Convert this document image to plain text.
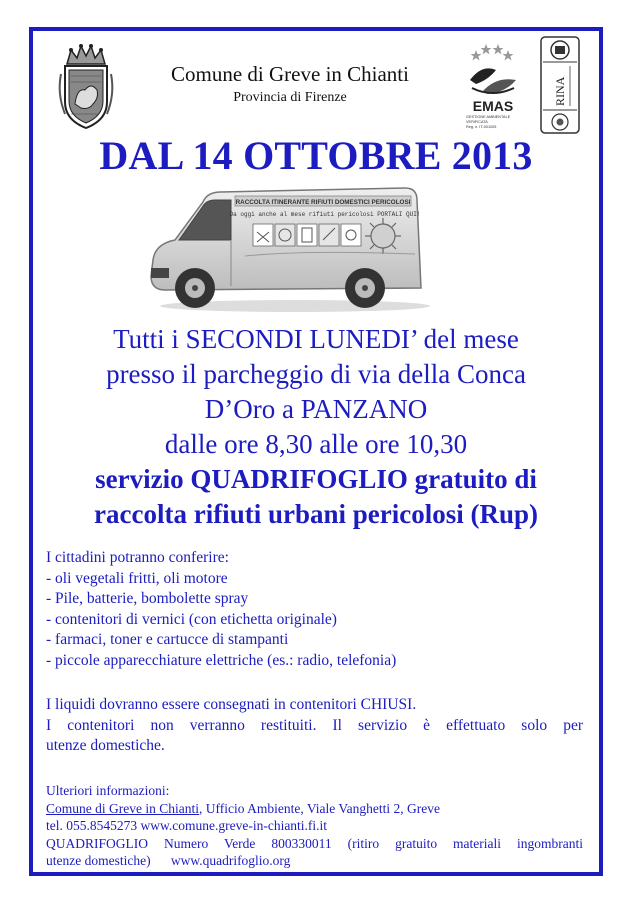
Comune di Greve in Chianti
Provincia di Firenze
EMAS
GESTIONE AMBIENTALE
VERIFICATA
Reg. n. IT-001005
RINA
DAL 14 OTTOBRE 2013
RACCOLTA ITINERANTE RIFIUTI DOMESTICI PERICOLOSI
Da oggi anche al mese rifiuti pericolosi PORTALI QUI!
Tutti i SECONDI LUNEDI’ del mese
presso il parcheggio di via della Conca
D’Oro a PANZANO
dalle ore 8,30 alle ore 10,30
servizio QUADRIFOGLIO gratuito di
raccolta rifiuti urbani pericolosi (Rup)
I cittadini potranno conferire:
- oli vegetali fritti, oli motore
- Pile, batterie, bombolette spray
- contenitori di vernici (con etichetta originale)
- farmaci, toner e cartucce di stampanti
- piccole apparecchiature elettriche (es.: radio, telefonia)
I liquidi dovranno essere consegnati in contenitori CHIUSI.
I contenitori non verranno restituiti. Il servizio è effettuato solo per
utenze domestiche.
Ulteriori informazioni:
Comune di Greve in Chianti, Ufficio Ambiente, Viale Vanghetti 2, Greve
tel. 055.8545273 www.comune.greve-in-chianti.fi.it
QUADRIFOGLIO Numero Verde 800330011 (ritiro gratuito materiali ingombranti
utenze domestiche)      www.quadrifoglio.org
